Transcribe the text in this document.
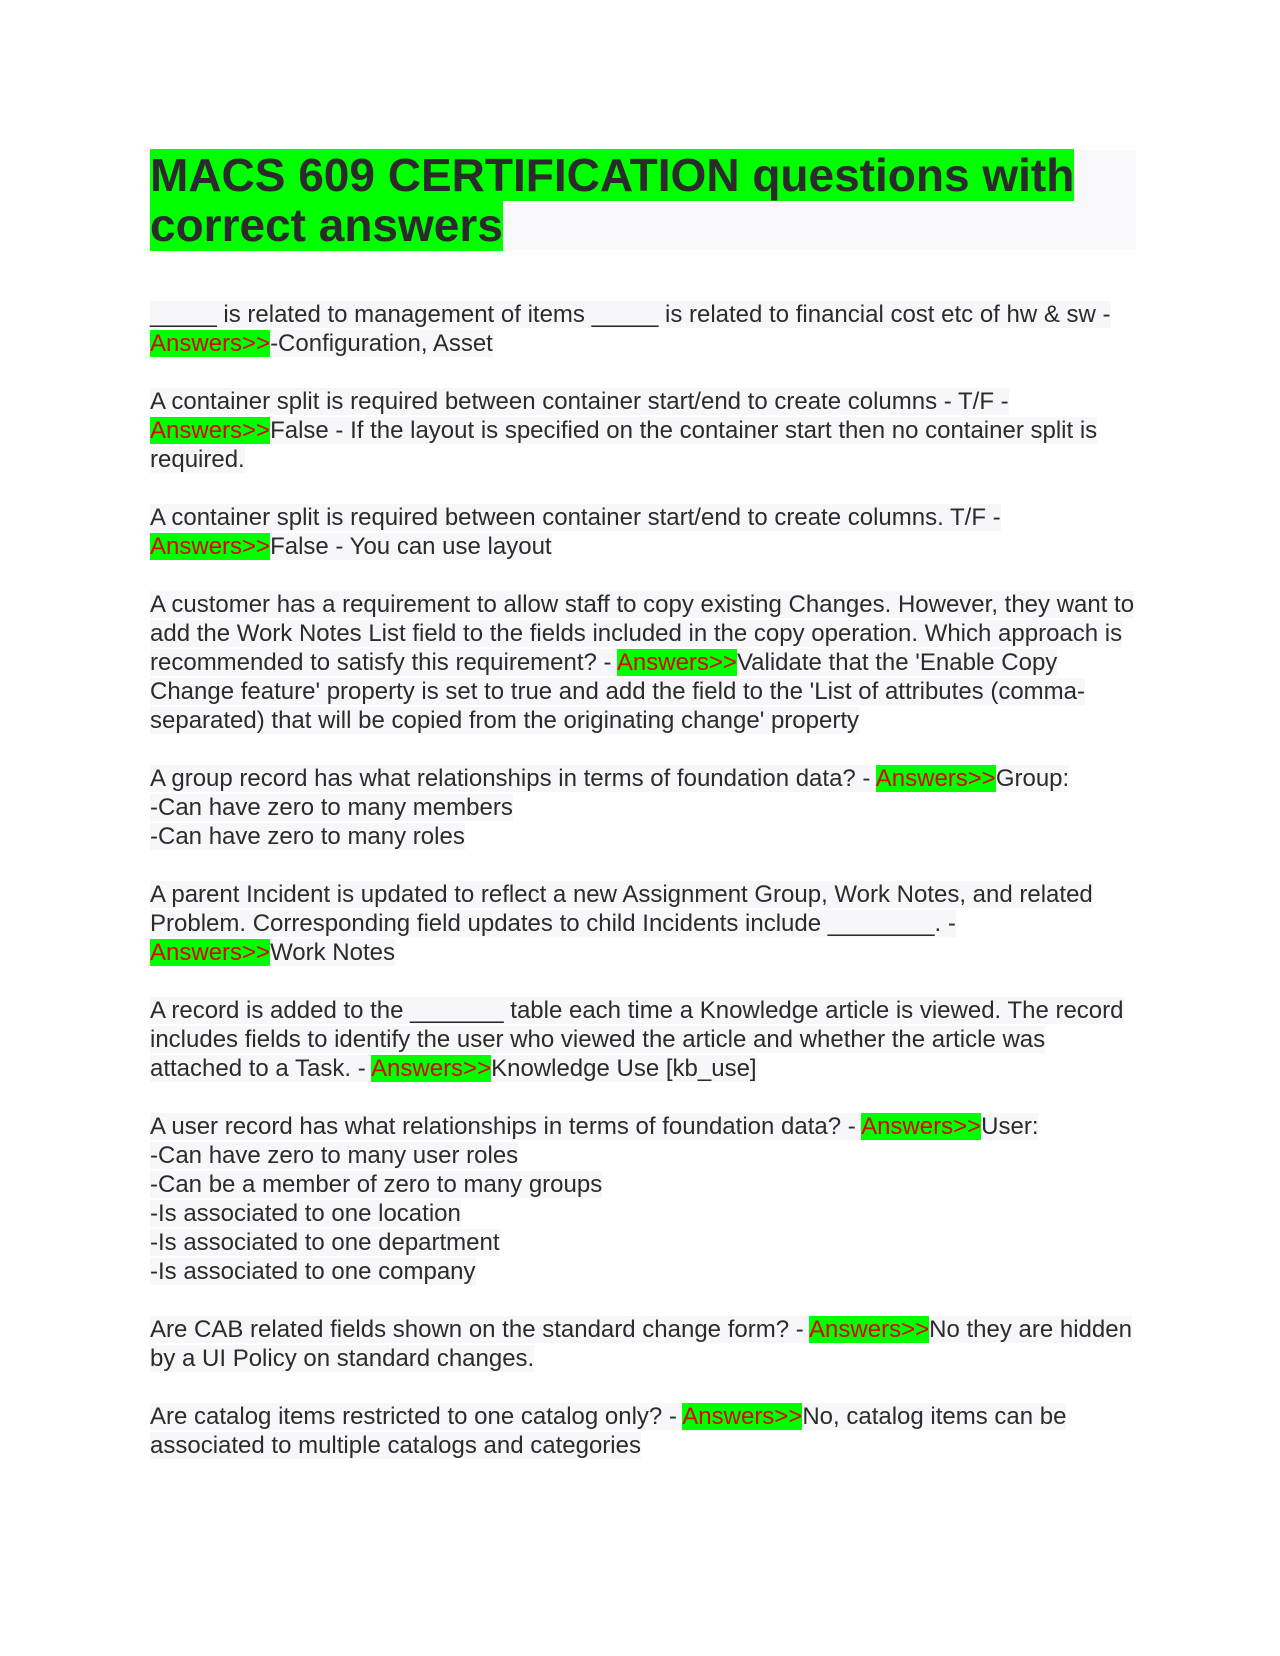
MACS 609 CERTIFICATION questions with correct answers

_____ is related to management of items _____ is related to financial cost etc of hw & sw - Answers>>-Configuration, Asset

A container split is required between container start/end to create columns - T/F - Answers>>False - If the layout is specified on the container start then no container split is required.

A container split is required between container start/end to create columns. T/F - Answers>>False - You can use layout

A customer has a requirement to allow staff to copy existing Changes. However, they want to add the Work Notes List field to the fields included in the copy operation. Which approach is recommended to satisfy this requirement? - Answers>>Validate that the 'Enable Copy Change feature' property is set to true and add the field to the 'List of attributes (comma-separated) that will be copied from the originating change' property

A group record has what relationships in terms of foundation data? - Answers>>Group:
-Can have zero to many members
-Can have zero to many roles

A parent Incident is updated to reflect a new Assignment Group, Work Notes, and related Problem. Corresponding field updates to child Incidents include ________. - Answers>>Work Notes

A record is added to the _______ table each time a Knowledge article is viewed. The record includes fields to identify the user who viewed the article and whether the article was attached to a Task. - Answers>>Knowledge Use [kb_use]

A user record has what relationships in terms of foundation data? - Answers>>User:
-Can have zero to many user roles
-Can be a member of zero to many groups
-Is associated to one location
-Is associated to one department
-Is associated to one company

Are CAB related fields shown on the standard change form? - Answers>>No they are hidden by a UI Policy on standard changes.

Are catalog items restricted to one catalog only? - Answers>>No, catalog items can be associated to multiple catalogs and categories
